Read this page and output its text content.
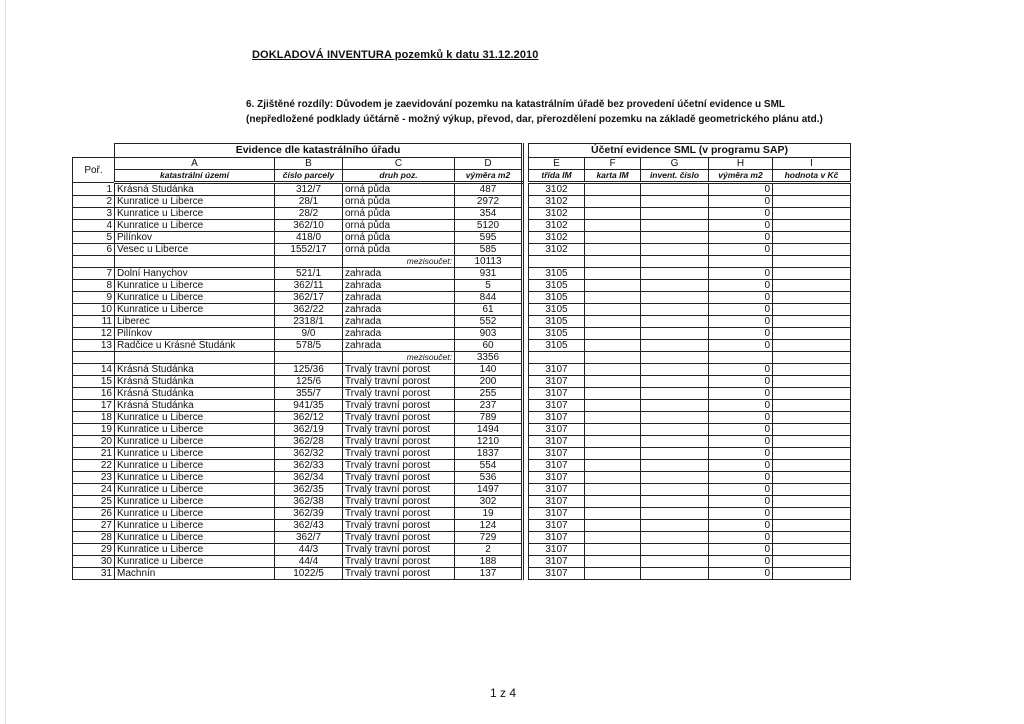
DOKLADOVÁ INVENTURA pozemků k datu 31.12.2010
6. Zjištěné rozdíly: Důvodem je zaevidování pozemku na katastrálním úřadě bez provedení účetní evidence u SML
(nepředložené podklady účtárně - možný výkup, převod, dar, přerozdělení pozemku na základě geometrického plánu atd.)
	Evidence dle katastrálního úřadu					Účetní evidence SML (v programu SAP)				
Poř.	A	B	C	D		E	F	G	H	I
	katastrální území	číslo parcely	druh poz.	výměra m2		třída IM	karta IM	invent. číslo	výměra m2	hodnota v Kč
1	Krásná Studánka	312/7	orná půda	487		3102			0	
2	Kunratice u Liberce	28/1	orná půda	2972		3102			0	
3	Kunratice u Liberce	28/2	orná půda	354		3102			0	
4	Kunratice u Liberce	362/10	orná půda	5120		3102			0	
5	Pilínkov	418/0	orná půda	595		3102			0	
6	Vesec u Liberce	1552/17	orná půda	585		3102			0	
			mezisoučet:	10113						
7	Dolní Hanychov	521/1	zahrada	931		3105			0	
8	Kunratice u Liberce	362/11	zahrada	5		3105			0	
9	Kunratice u Liberce	362/17	zahrada	844		3105			0	
10	Kunratice u Liberce	362/22	zahrada	61		3105			0	
11	Liberec	2318/1	zahrada	552		3105			0	
12	Pilínkov	9/0	zahrada	903		3105			0	
13	Radčice u Krásné Studánk	578/5	zahrada	60		3105			0	
			mezisoučet:	3356						
14	Krásná Studánka	125/36	Trvalý travní porost	140		3107			0	
15	Krásná Studánka	125/6	Trvalý travní porost	200		3107			0	
16	Krásná Studánka	355/7	Trvalý travní porost	255		3107			0	
17	Krásná Studánka	941/35	Trvalý travní porost	237		3107			0	
18	Kunratice u Liberce	362/12	Trvalý travní porost	789		3107			0	
19	Kunratice u Liberce	362/19	Trvalý travní porost	1494		3107			0	
20	Kunratice u Liberce	362/28	Trvalý travní porost	1210		3107			0	
21	Kunratice u Liberce	362/32	Trvalý travní porost	1837		3107			0	
22	Kunratice u Liberce	362/33	Trvalý travní porost	554		3107			0	
23	Kunratice u Liberce	362/34	Trvalý travní porost	536		3107			0	
24	Kunratice u Liberce	362/35	Trvalý travní porost	1497		3107			0	
25	Kunratice u Liberce	362/38	Trvalý travní porost	302		3107			0	
26	Kunratice u Liberce	362/39	Trvalý travní porost	19		3107			0	
27	Kunratice u Liberce	362/43	Trvalý travní porost	124		3107			0	
28	Kunratice u Liberce	362/7	Trvalý travní porost	729		3107			0	
29	Kunratice u Liberce	44/3	Trvalý travní porost	2		3107			0	
30	Kunratice u Liberce	44/4	Trvalý travní porost	188		3107			0	
31	Machnín	1022/5	Trvalý travní porost	137		3107			0	
1 z 4
